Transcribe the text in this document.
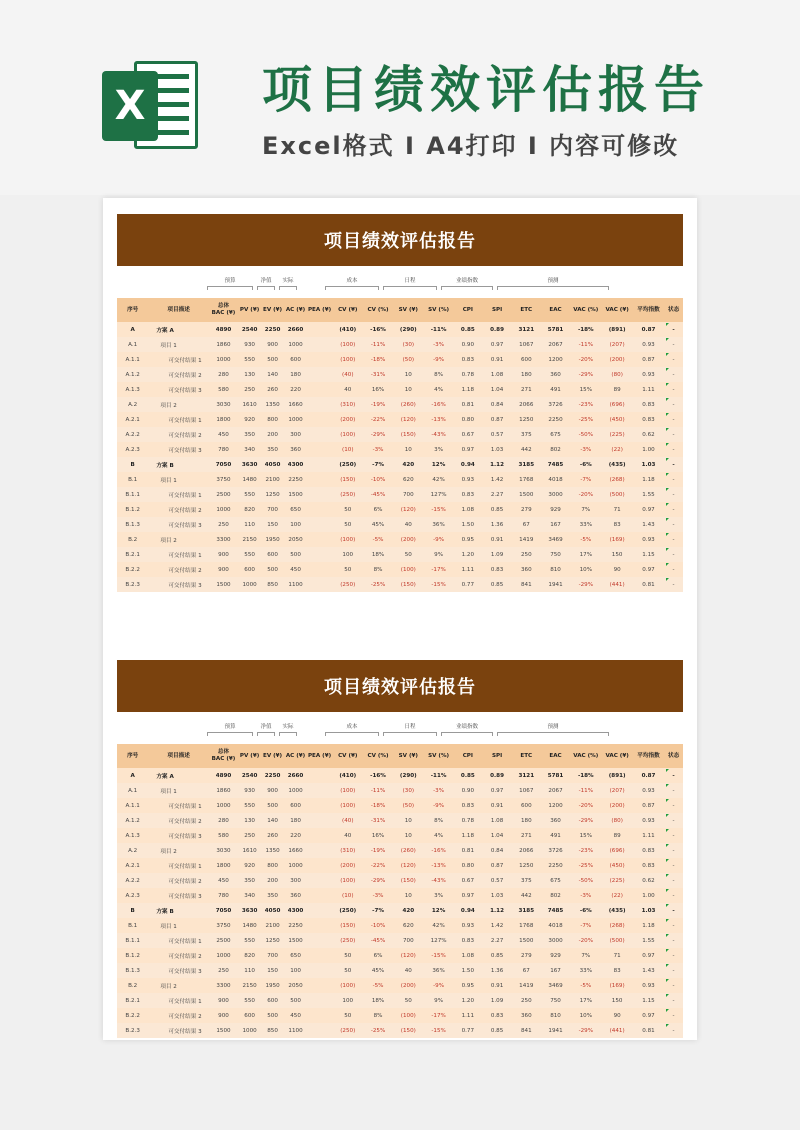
X 项目绩效评估报告
Excel格式 I A4打印 I 内容可修改
项目绩效评估报告
预算	净值	实际	成本	日程	业绩指数	预测
序号	项目描述	总体
BAC (¥)	PV (¥)	EV (¥)	AC (¥)	PEA (¥)	CV (¥)	CV (%)	SV (¥)	SV (%)	CPI	SPI	ETC	EAC	VAC (%)	VAC (¥)	平均指数	状态
A	方案 A	4890	2540	2250	2660		(410)	-16%	(290)	-11%	0.85	0.89	3121	5781	-18%	(891)	0.87	-
A.1	项目 1	1860	930	900	1000		(100)	-11%	(30)	-3%	0.90	0.97	1067	2067	-11%	(207)	0.93	-
A.1.1	可交付结果 1	1000	550	500	600		(100)	-18%	(50)	-9%	0.83	0.91	600	1200	-20%	(200)	0.87	-
A.1.2	可交付结果 2	280	130	140	180		(40)	-31%	10	8%	0.78	1.08	180	360	-29%	(80)	0.93	-
A.1.3	可交付结果 3	580	250	260	220		40	16%	10	4%	1.18	1.04	271	491	15%	89	1.11	-
A.2	项目 2	3030	1610	1350	1660		(310)	-19%	(260)	-16%	0.81	0.84	2066	3726	-23%	(696)	0.83	-
A.2.1	可交付结果 1	1800	920	800	1000		(200)	-22%	(120)	-13%	0.80	0.87	1250	2250	-25%	(450)	0.83	-
A.2.2	可交付结果 2	450	350	200	300		(100)	-29%	(150)	-43%	0.67	0.57	375	675	-50%	(225)	0.62	-
A.2.3	可交付结果 3	780	340	350	360		(10)	-3%	10	3%	0.97	1.03	442	802	-3%	(22)	1.00	-
B	方案 B	7050	3630	4050	4300		(250)	-7%	420	12%	0.94	1.12	3185	7485	-6%	(435)	1.03	-
B.1	项目 1	3750	1480	2100	2250		(150)	-10%	620	42%	0.93	1.42	1768	4018	-7%	(268)	1.18	-
B.1.1	可交付结果 1	2500	550	1250	1500		(250)	-45%	700	127%	0.83	2.27	1500	3000	-20%	(500)	1.55	-
B.1.2	可交付结果 2	1000	820	700	650		50	6%	(120)	-15%	1.08	0.85	279	929	7%	71	0.97	-
B.1.3	可交付结果 3	250	110	150	100		50	45%	40	36%	1.50	1.36	67	167	33%	83	1.43	-
B.2	项目 2	3300	2150	1950	2050		(100)	-5%	(200)	-9%	0.95	0.91	1419	3469	-5%	(169)	0.93	-
B.2.1	可交付结果 1	900	550	600	500		100	18%	50	9%	1.20	1.09	250	750	17%	150	1.15	-
B.2.2	可交付结果 2	900	600	500	450		50	8%	(100)	-17%	1.11	0.83	360	810	10%	90	0.97	-
B.2.3	可交付结果 3	1500	1000	850	1100		(250)	-25%	(150)	-15%	0.77	0.85	841	1941	-29%	(441)	0.81	-
项目绩效评估报告
预算	净值	实际	成本	日程	业绩指数	预测
序号	项目描述	总体
BAC (¥)	PV (¥)	EV (¥)	AC (¥)	PEA (¥)	CV (¥)	CV (%)	SV (¥)	SV (%)	CPI	SPI	ETC	EAC	VAC (%)	VAC (¥)	平均指数	状态
A	方案 A	4890	2540	2250	2660		(410)	-16%	(290)	-11%	0.85	0.89	3121	5781	-18%	(891)	0.87	-
A.1	项目 1	1860	930	900	1000		(100)	-11%	(30)	-3%	0.90	0.97	1067	2067	-11%	(207)	0.93	-
A.1.1	可交付结果 1	1000	550	500	600		(100)	-18%	(50)	-9%	0.83	0.91	600	1200	-20%	(200)	0.87	-
A.1.2	可交付结果 2	280	130	140	180		(40)	-31%	10	8%	0.78	1.08	180	360	-29%	(80)	0.93	-
A.1.3	可交付结果 3	580	250	260	220		40	16%	10	4%	1.18	1.04	271	491	15%	89	1.11	-
A.2	项目 2	3030	1610	1350	1660		(310)	-19%	(260)	-16%	0.81	0.84	2066	3726	-23%	(696)	0.83	-
A.2.1	可交付结果 1	1800	920	800	1000		(200)	-22%	(120)	-13%	0.80	0.87	1250	2250	-25%	(450)	0.83	-
A.2.2	可交付结果 2	450	350	200	300		(100)	-29%	(150)	-43%	0.67	0.57	375	675	-50%	(225)	0.62	-
A.2.3	可交付结果 3	780	340	350	360		(10)	-3%	10	3%	0.97	1.03	442	802	-3%	(22)	1.00	-
B	方案 B	7050	3630	4050	4300		(250)	-7%	420	12%	0.94	1.12	3185	7485	-6%	(435)	1.03	-
B.1	项目 1	3750	1480	2100	2250		(150)	-10%	620	42%	0.93	1.42	1768	4018	-7%	(268)	1.18	-
B.1.1	可交付结果 1	2500	550	1250	1500		(250)	-45%	700	127%	0.83	2.27	1500	3000	-20%	(500)	1.55	-
B.1.2	可交付结果 2	1000	820	700	650		50	6%	(120)	-15%	1.08	0.85	279	929	7%	71	0.97	-
B.1.3	可交付结果 3	250	110	150	100		50	45%	40	36%	1.50	1.36	67	167	33%	83	1.43	-
B.2	项目 2	3300	2150	1950	2050		(100)	-5%	(200)	-9%	0.95	0.91	1419	3469	-5%	(169)	0.93	-
B.2.1	可交付结果 1	900	550	600	500		100	18%	50	9%	1.20	1.09	250	750	17%	150	1.15	-
B.2.2	可交付结果 2	900	600	500	450		50	8%	(100)	-17%	1.11	0.83	360	810	10%	90	0.97	-
B.2.3	可交付结果 3	1500	1000	850	1100		(250)	-25%	(150)	-15%	0.77	0.85	841	1941	-29%	(441)	0.81	-
